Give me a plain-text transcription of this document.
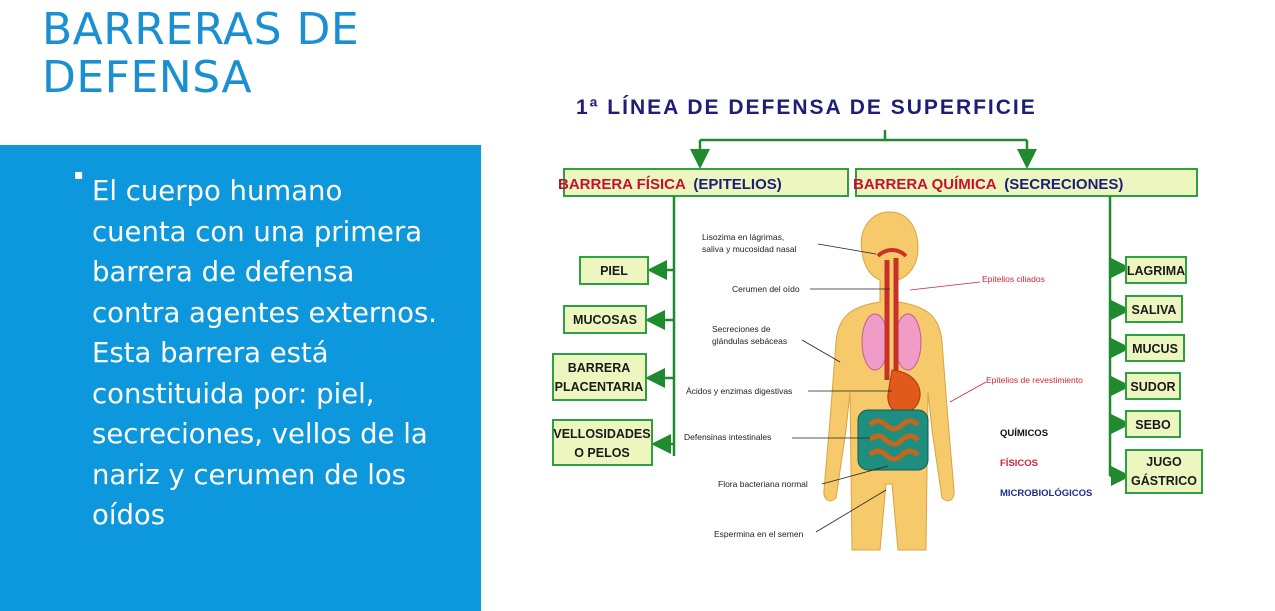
BARRERAS DE
DEFENSA
▪ El cuerpo humano cuenta con una primera barrera de defensa contra agentes externos. Esta barrera está constituida por: piel, secreciones, vellos de la nariz y cerumen de los oídos

1ª LÍNEA DE DEFENSA DE SUPERFICIE
BARRERA FÍSICA (EPITELIOS)	BARRERA QUÍMICA (SECRECIONES)
PIEL
MUCOSAS
BARRERA
PLACENTARIA
VELLOSIDADES
O PELOS
LAGRIMA
SALIVA
MUCUS
SUDOR
SEBO
JUGO
GÁSTRICO
Lisozima en lágrimas,
saliva y mucosidad nasal
Cerumen del oído
Secreciones de
glándulas sebáceas
Ácidos y enzimas digestivas
Defensinas intestinales
Flora bacteriana normal
Espermina en el semen
Epitelios ciliados
Epitelios de revestimiento
QUÍMICOS
FÍSICOS
MICROBIOLÓGICOS
